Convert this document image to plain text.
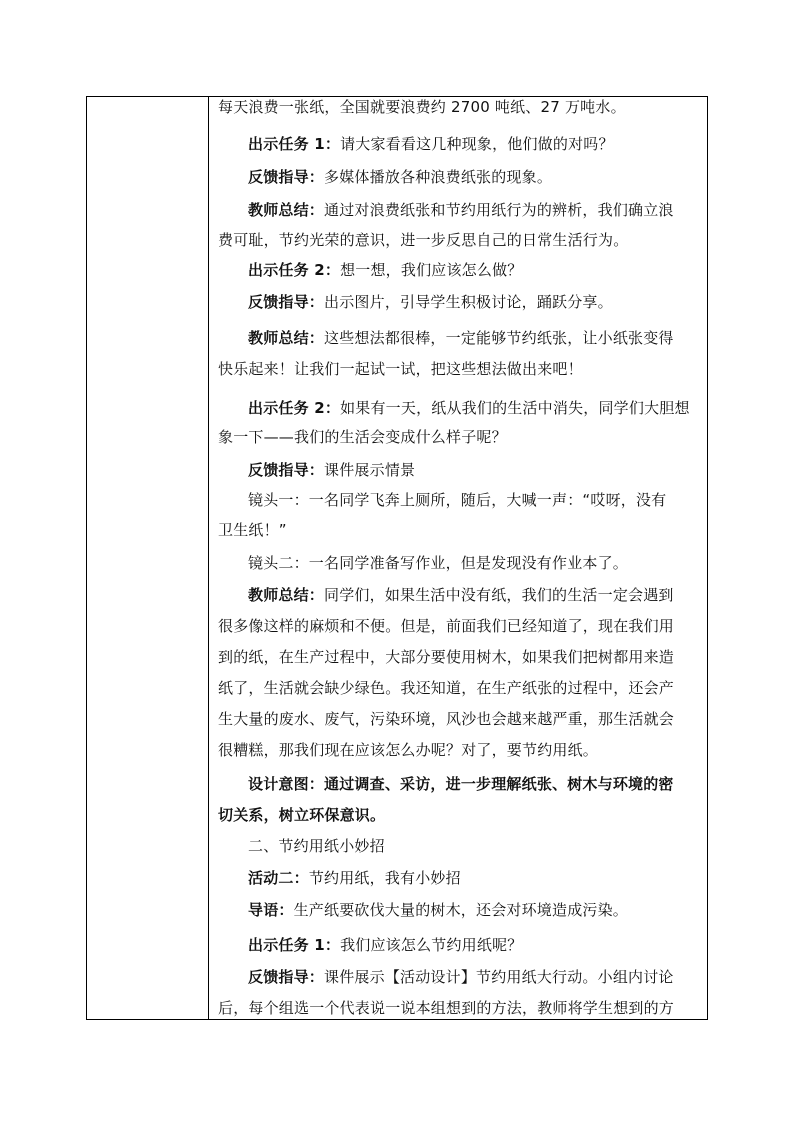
每天浪费一张纸，全国就要浪费约 2700 吨纸、27 万吨水。
出示任务 1：请大家看看这几种现象，他们做的对吗？
反馈指导：多媒体播放各种浪费纸张的现象。
教师总结：通过对浪费纸张和节约用纸行为的辨析，我们确立浪
费可耻，节约光荣的意识，进一步反思自己的日常生活行为。
出示任务 2：想一想，我们应该怎么做？
反馈指导：出示图片，引导学生积极讨论，踊跃分享。
教师总结：这些想法都很棒，一定能够节约纸张，让小纸张变得
快乐起来！让我们一起试一试，把这些想法做出来吧！
出示任务 2：如果有一天，纸从我们的生活中消失，同学们大胆想
象一下——我们的生活会变成什么样子呢？
反馈指导：课件展示情景
镜头一：一名同学飞奔上厕所，随后，大喊一声：“哎呀，没有
卫生纸！”
镜头二：一名同学准备写作业，但是发现没有作业本了。
教师总结：同学们，如果生活中没有纸，我们的生活一定会遇到
很多像这样的麻烦和不便。但是，前面我们已经知道了，现在我们用
到的纸，在生产过程中，大部分要使用树木，如果我们把树都用来造
纸了，生活就会缺少绿色。我还知道，在生产纸张的过程中，还会产
生大量的废水、废气，污染环境，风沙也会越来越严重，那生活就会
很糟糕，那我们现在应该怎么办呢？对了，要节约用纸。
设计意图：通过调查、采访，进一步理解纸张、树木与环境的密
切关系，树立环保意识。
二、节约用纸小妙招
活动二：节约用纸，我有小妙招
导语：生产纸要砍伐大量的树木，还会对环境造成污染。
出示任务 1：我们应该怎么节约用纸呢？
反馈指导：课件展示【活动设计】节约用纸大行动。小组内讨论
后，每个组选一个代表说一说本组想到的方法，教师将学生想到的方
